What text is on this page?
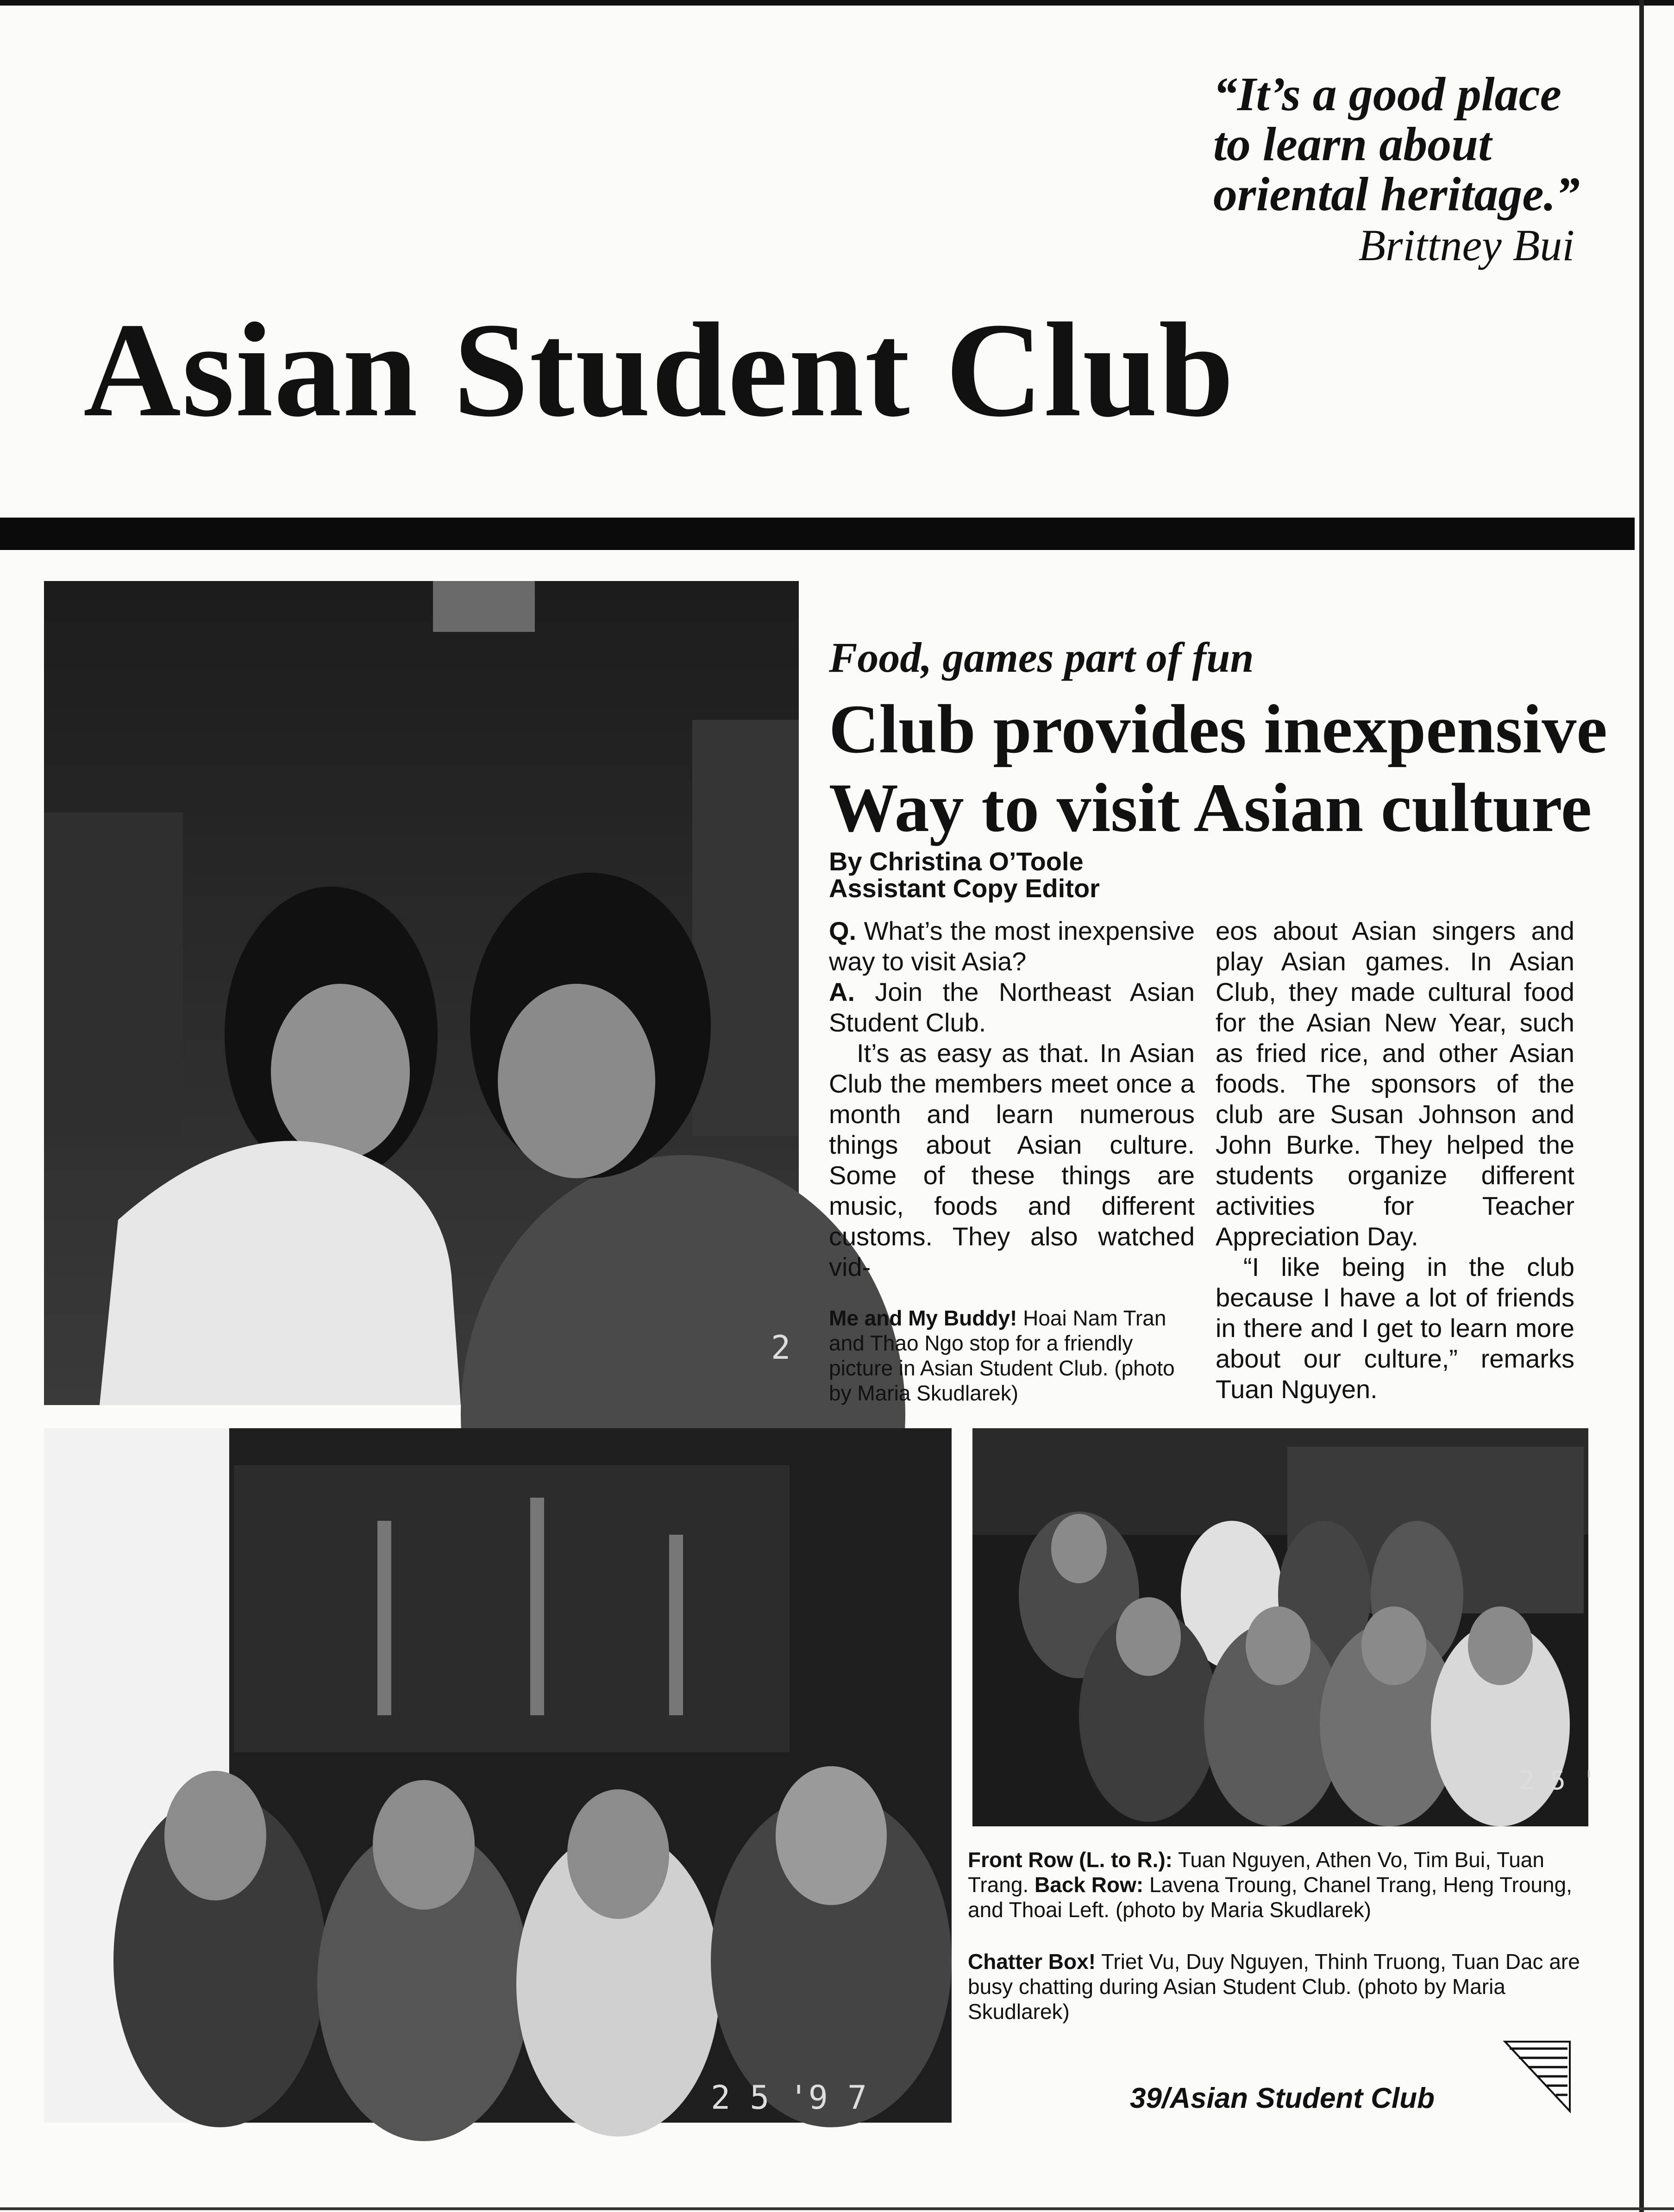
“It’s a good place to learn about oriental heritage.”

Brittney Bui
Asian Student Club
2
Food, games part of fun
Club provides inexpensive Way to visit Asian culture
By Christina O’Toole
Assistant Copy Editor

Q. What’s the most inexpensive way to visit Asia?

A. Join the Northeast Asian Student Club.

It’s as easy as that. In Asian Club the members meet once a month and learn numerous things about Asian culture. Some of these things are music, foods and different customs. They also watched vid-

eos about Asian singers and play Asian games. In Asian Club, they made cultural food for the Asian New Year, such as fried rice, and other Asian foods. The sponsors of the club are Susan Johnson and John Burke. They helped the students organize different activities for Teacher Appreciation Day.

“I like being in the club because I have a lot of friends in there and I get to learn more about our culture,” remarks Tuan Nguyen.

Me and My Buddy! Hoai Nam Tran and Thao Ngo stop for a friendly picture in Asian Student Club. (photo by Maria Skudlarek)

2 5 '9 7
2 5 '

Front Row (L. to R.): Tuan Nguyen, Athen Vo, Tim Bui, Tuan Trang. Back Row: Lavena Troung, Chanel Trang, Heng Troung, and Thoai Left. (photo by Maria Skudlarek)

Chatter Box! Triet Vu, Duy Nguyen, Thinh Truong, Tuan Dac are busy chatting during Asian Student Club. (photo by Maria Skudlarek)

39/Asian Student Club
